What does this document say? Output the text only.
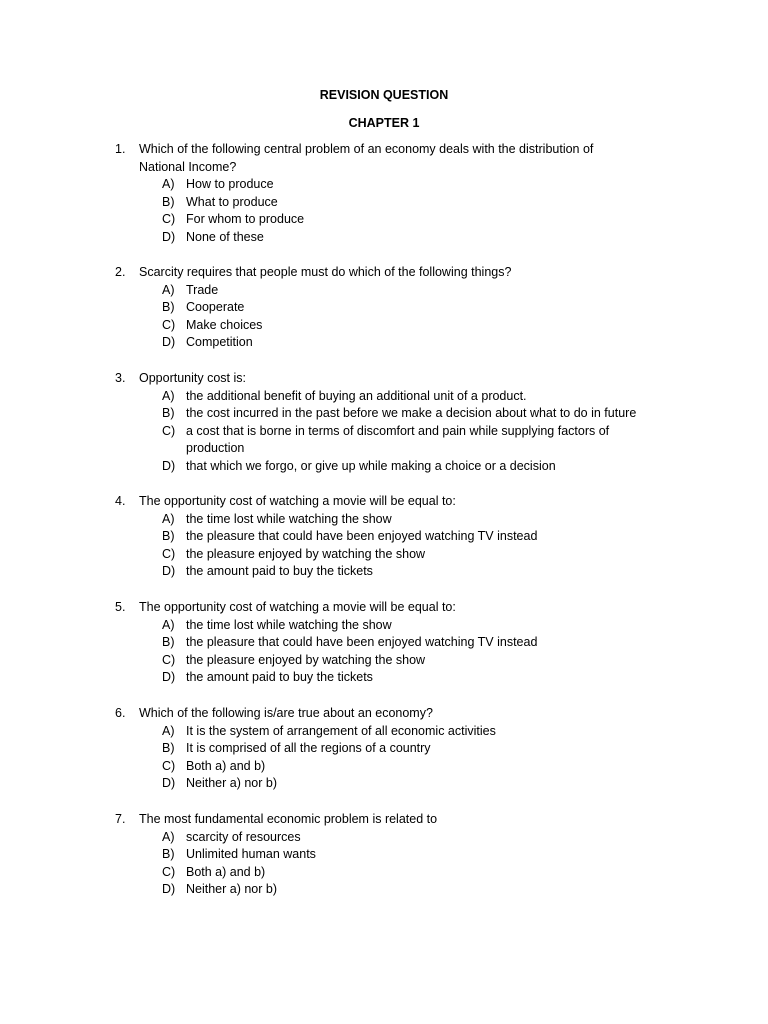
REVISION QUESTION
CHAPTER 1
1. Which of the following central problem of an economy deals with the distribution of National Income?
A) How to produce
B) What to produce
C) For whom to produce
D) None of these
2. Scarcity requires that people must do which of the following things?
A) Trade
B) Cooperate
C) Make choices
D) Competition
3. Opportunity cost is:
A) the additional benefit of buying an additional unit of a product.
B) the cost incurred in the past before we make a decision about what to do in future
C) a cost that is borne in terms of discomfort and pain while supplying factors of production
D) that which we forgo, or give up while making a choice or a decision
4. The opportunity cost of watching a movie will be equal to:
A) the time lost while watching the show
B) the pleasure that could have been enjoyed watching TV instead
C) the pleasure enjoyed by watching the show
D) the amount paid to buy the tickets
5. The opportunity cost of watching a movie will be equal to:
A) the time lost while watching the show
B) the pleasure that could have been enjoyed watching TV instead
C) the pleasure enjoyed by watching the show
D) the amount paid to buy the tickets
6. Which of the following is/are true about an economy?
A) It is the system of arrangement of all economic activities
B) It is comprised of all the regions of a country
C) Both a) and b)
D) Neither a) nor b)
7. The most fundamental economic problem is related to
A) scarcity of resources
B) Unlimited human wants
C) Both a) and b)
D) Neither a) nor b)
